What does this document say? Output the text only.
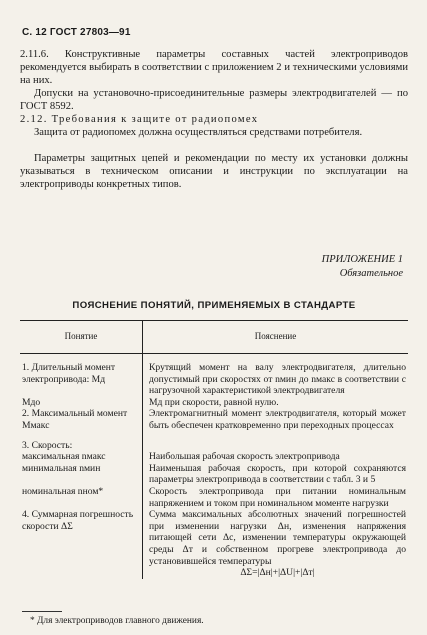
С. 12 ГОСТ 27803—91
2.11.6. Конструктивные параметры составных частей электроприводов рекомендуется выбирать в соответствии с приложением 2 и техническими условиями на них.
Допуски на установочно-присоединительные размеры электродвигателей — по ГОСТ 8592.
2.12. Требования к защите от радиопомех
Защита от радиопомех должна осуществляться средствами потребителя.
Параметры защитных цепей и рекомендации по месту их установки должны указываться в техническом описании и инструкции по эксплуатации на электроприводы конкретных типов.
ПРИЛОЖЕНИЕ 1
Обязательное
ПОЯСНЕНИЕ ПОНЯТИЙ, ПРИМЕНЯЕМЫХ В СТАНДАРТЕ
Понятие	Пояснение

1. Длительный момент электропривода: Mд	Крутящий момент на валу электродвигателя, длительно допустимый при скоростях от nмин до nмакс в соответствии с нагрузочной характеристикой электродвигателя
Mдо	Mд при скорости, равной нулю.
2. Максимальный момент Mмакс	Электромагнитный момент электродвигателя, который может быть обеспечен кратковременно при переходных процессах

3. Скорость:	
максимальная nмакс	Наибольшая рабочая скорость электропривода
минимальная nмин	Наименьшая рабочая скорость, при которой сохраняются параметры электропривода в соответствии с табл. 3 и 5
номинальная nном*	Скорость электропривода при питании номинальным напряжением и током при номинальном моменте нагрузки
4. Суммарная погрешность скорости ΔΣ	Сумма максимальных абсолютных значений погрешностей при изменении нагрузки Δн, изменения напряжения питающей сети Δс, изменении температуры окружающей среды Δт и собственном прогреве электропривода до установившейся температуры
	ΔΣ=|Δн|+|ΔU|+|Δт|
* Для электроприводов главного движения.
